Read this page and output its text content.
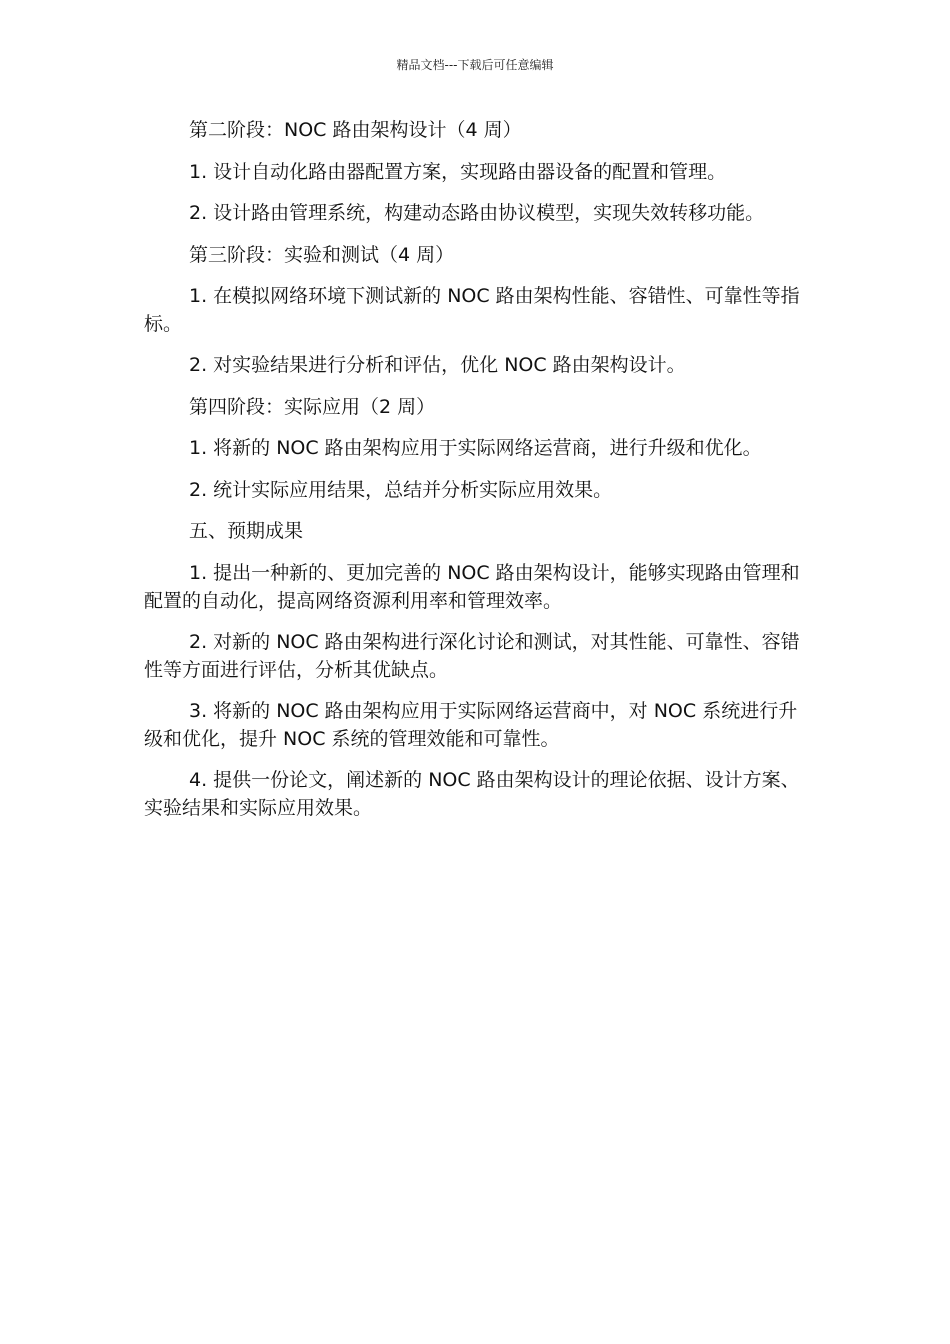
精品文档---下载后可任意编辑

第二阶段：NOC 路由架构设计（4 周）

1. 设计自动化路由器配置方案，实现路由器设备的配置和管理。

2. 设计路由管理系统，构建动态路由协议模型，实现失效转移功能。

第三阶段：实验和测试（4 周）

1. 在模拟网络环境下测试新的 NOC 路由架构性能、容错性、可靠性等指标。

2. 对实验结果进行分析和评估，优化 NOC 路由架构设计。

第四阶段：实际应用（2 周）

1. 将新的 NOC 路由架构应用于实际网络运营商，进行升级和优化。

2. 统计实际应用结果，总结并分析实际应用效果。

五、预期成果

1. 提出一种新的、更加完善的 NOC 路由架构设计，能够实现路由管理和配置的自动化，提高网络资源利用率和管理效率。

2. 对新的 NOC 路由架构进行深化讨论和测试，对其性能、可靠性、容错性等方面进行评估，分析其优缺点。

3. 将新的 NOC 路由架构应用于实际网络运营商中，对 NOC 系统进行升级和优化，提升 NOC 系统的管理效能和可靠性。

4. 提供一份论文，阐述新的 NOC 路由架构设计的理论依据、设计方案、实验结果和实际应用效果。
